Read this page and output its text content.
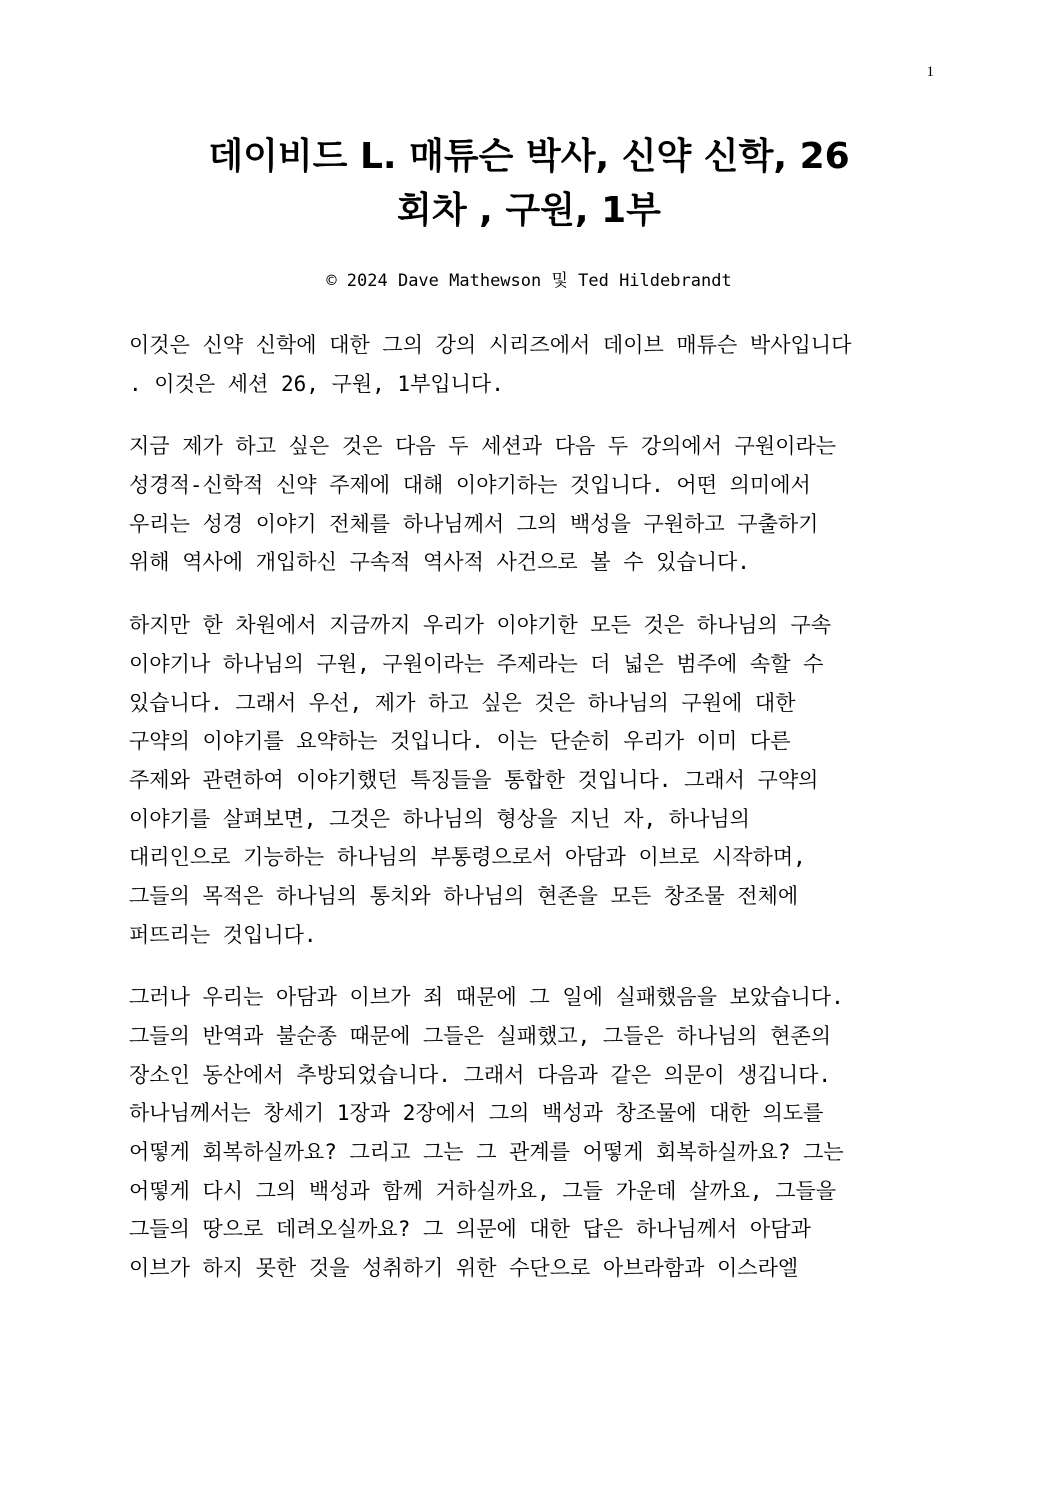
1
데이비드 L. 매튜슨 박사, 신약 신학, 26
회차 , 구원, 1부
© 2024 Dave Mathewson 및 Ted Hildebrandt

이것은 신약 신학에 대한 그의 강의 시리즈에서 데이브 매튜슨 박사입니다
. 이것은 세션 26, 구원, 1부입니다.

지금 제가 하고 싶은 것은 다음 두 세션과 다음 두 강의에서 구원이라는
성경적-신학적 신약 주제에 대해 이야기하는 것입니다. 어떤 의미에서
우리는 성경 이야기 전체를 하나님께서 그의 백성을 구원하고 구출하기
위해 역사에 개입하신 구속적 역사적 사건으로 볼 수 있습니다.

하지만 한 차원에서 지금까지 우리가 이야기한 모든 것은 하나님의 구속
이야기나 하나님의 구원, 구원이라는 주제라는 더 넓은 범주에 속할 수
있습니다. 그래서 우선, 제가 하고 싶은 것은 하나님의 구원에 대한
구약의 이야기를 요약하는 것입니다. 이는 단순히 우리가 이미 다른
주제와 관련하여 이야기했던 특징들을 통합한 것입니다. 그래서 구약의
이야기를 살펴보면, 그것은 하나님의 형상을 지닌 자, 하나님의
대리인으로 기능하는 하나님의 부통령으로서 아담과 이브로 시작하며,
그들의 목적은 하나님의 통치와 하나님의 현존을 모든 창조물 전체에
퍼뜨리는 것입니다.

그러나 우리는 아담과 이브가 죄 때문에 그 일에 실패했음을 보았습니다.
그들의 반역과 불순종 때문에 그들은 실패했고, 그들은 하나님의 현존의
장소인 동산에서 추방되었습니다. 그래서 다음과 같은 의문이 생깁니다.
하나님께서는 창세기 1장과 2장에서 그의 백성과 창조물에 대한 의도를
어떻게 회복하실까요? 그리고 그는 그 관계를 어떻게 회복하실까요? 그는
어떻게 다시 그의 백성과 함께 거하실까요, 그들 가운데 살까요, 그들을
그들의 땅으로 데려오실까요? 그 의문에 대한 답은 하나님께서 아담과
이브가 하지 못한 것을 성취하기 위한 수단으로 아브라함과 이스라엘
